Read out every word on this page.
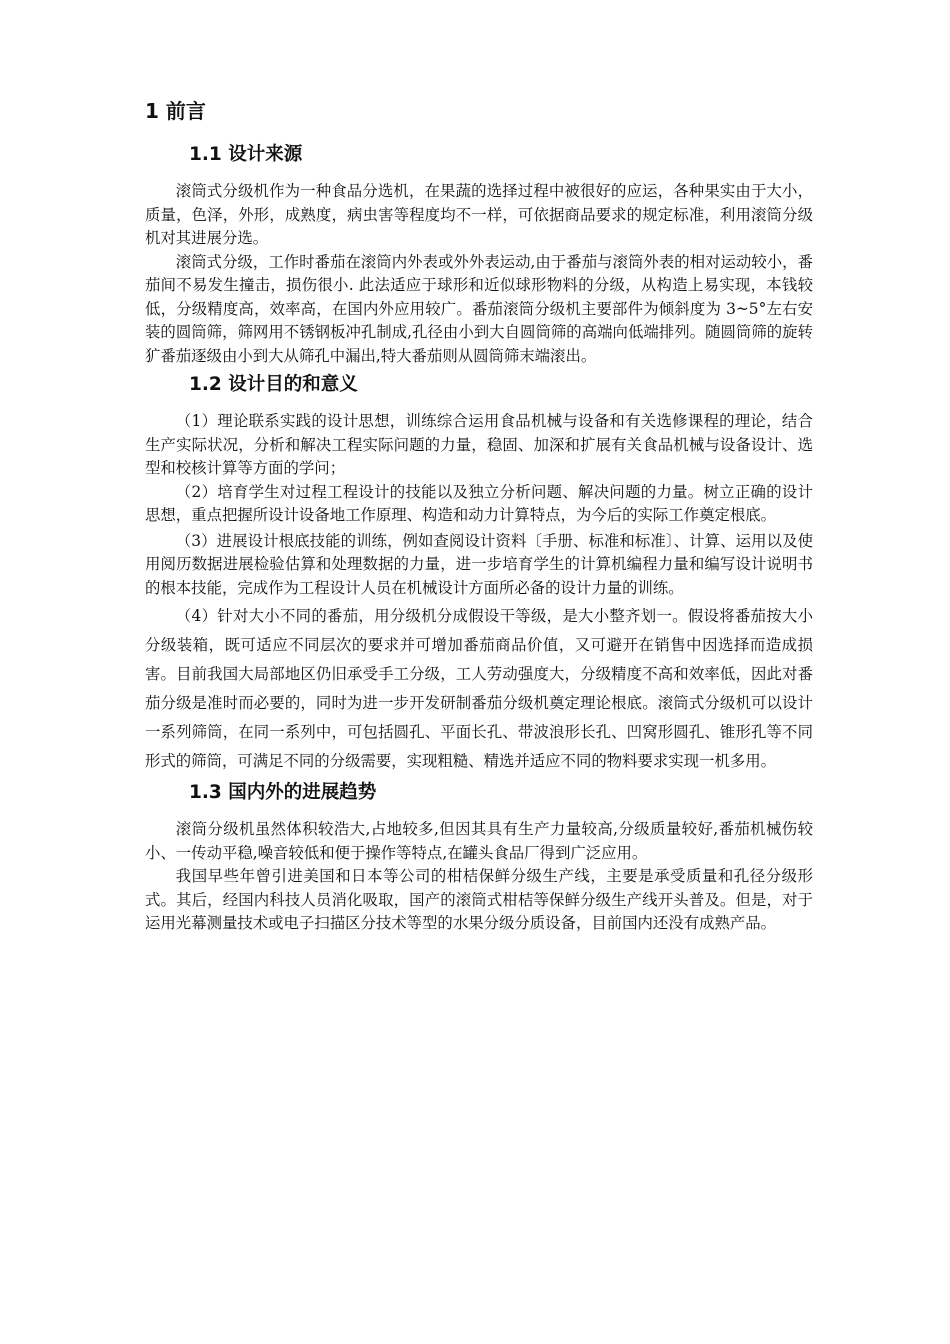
1 前言
1.1 设计来源

滚筒式分级机作为一种食品分选机，在果蔬的选择过程中被很好的应运，各种果实由于大小，质量，色泽，外形，成熟度，病虫害等程度均不一样，可依据商品要求的规定标准，利用滚筒分级机对其进展分选。

滚筒式分级，工作时番茄在滚筒内外表或外外表运动,由于番茄与滚筒外表的相对运动较小，番茄间不易发生撞击，损伤很小. 此法适应于球形和近似球形物料的分级，从构造上易实现，本钱较低，分级精度高，效率高，在国内外应用较广。番茄滚筒分级机主要部件为倾斜度为 3~5°左右安装的圆筒筛，筛网用不锈钢板冲孔制成,孔径由小到大自圆筒筛的高端向低端排列。随圆筒筛的旋转犷番茄逐级由小到大从筛孔中漏出,特大番茄则从圆筒筛末端滚出。

1.2 设计目的和意义

（1）理论联系实践的设计思想，训练综合运用食品机械与设备和有关选修课程的理论，结合生产实际状况，分析和解决工程实际问题的力量，稳固、加深和扩展有关食品机械与设备设计、选型和校核计算等方面的学问；

（2）培育学生对过程工程设计的技能以及独立分析问题、解决问题的力量。树立正确的设计思想，重点把握所设计设备地工作原理、构造和动力计算特点，为今后的实际工作奠定根底。

（3）进展设计根底技能的训练，例如查阅设计资料〔手册、标准和标准〕、计算、运用以及使用阅历数据进展检验估算和处理数据的力量，进一步培育学生的计算机编程力量和编写设计说明书的根本技能，完成作为工程设计人员在机械设计方面所必备的设计力量的训练。

（4）针对大小不同的番茄，用分级机分成假设干等级，是大小整齐划一。假设将番茄按大小分级装箱，既可适应不同层次的要求并可增加番茄商品价值，又可避开在销售中因选择而造成损害。目前我国大局部地区仍旧承受手工分级，工人劳动强度大，分级精度不高和效率低，因此对番茄分级是准时而必要的，同时为进一步开发研制番茄分级机奠定理论根底。滚筒式分级机可以设计一系列筛筒，在同一系列中，可包括圆孔、平面长孔、带波浪形长孔、凹窝形圆孔、锥形孔等不同形式的筛筒，可满足不同的分级需要，实现粗糙、精选并适应不同的物料要求实现一机多用。

1.3 国内外的进展趋势

滚筒分级机虽然体积较浩大,占地较多,但因其具有生产力量较高,分级质量较好,番茄机械伤较小、一传动平稳,噪音较低和便于操作等特点,在罐头食品厂得到广泛应用。

我国早些年曾引进美国和日本等公司的柑桔保鲜分级生产线，主要是承受质量和孔径分级形式。其后，经国内科技人员消化吸取，国产的滚筒式柑桔等保鲜分级生产线开头普及。但是，对于运用光幕测量技术或电子扫描区分技术等型的水果分级分质设备，目前国内还没有成熟产品。
